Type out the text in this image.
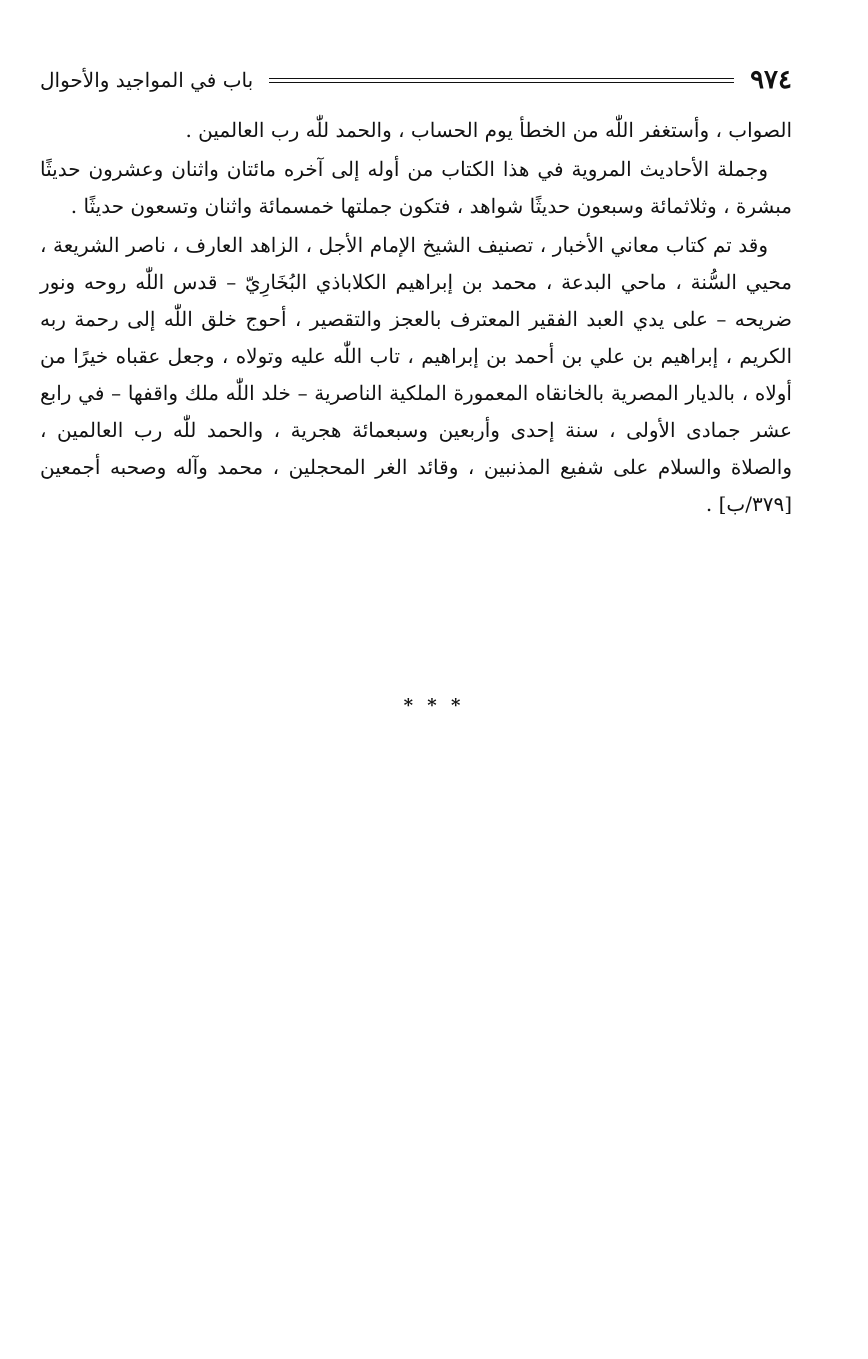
٩٧٤
باب في المواجيد والأحوال

الصواب ، وأستغفر اللّٰه من الخطأ يوم الحساب ، والحمد للّٰه رب العالمين .

وجملة الأحاديث المروية في هذا الكتاب من أوله إلى آخره مائتان واثنان وعشرون حديثًا مبشرة ، وثلاثمائة وسبعون حديثًا شواهد ، فتكون جملتها خمسمائة واثنان وتسعون حديثًا .

وقد تم كتاب معاني الأخبار ، تصنيف الشيخ الإمام الأجل ، الزاهد العارف ، ناصر الشريعة ، محيي السُّنة ، ماحي البدعة ، محمد بن إبراهيم الكلاباذي البُخَارِيّ – قدس اللّٰه روحه ونور ضريحه – على يدي العبد الفقير المعترف بالعجز والتقصير ، أحوج خلق اللّٰه إلى رحمة ربه الكريم ، إبراهيم بن علي بن أحمد بن إبراهيم ، تاب اللّٰه عليه وتولاه ، وجعل عقباه خيرًا من أولاه ، بالديار المصرية بالخانقاه المعمورة الملكية الناصرية – خلد اللّٰه ملك واقفها – في رابع عشر جمادى الأولى ، سنة إحدى وأربعين وسبعمائة هجرية ، والحمد للّٰه رب العالمين ، والصلاة والسلام على شفيع المذنبين ، وقائد الغر المحجلين ، محمد وآله وصحبه أجمعين [٣٧٩/ب] .

* * *
